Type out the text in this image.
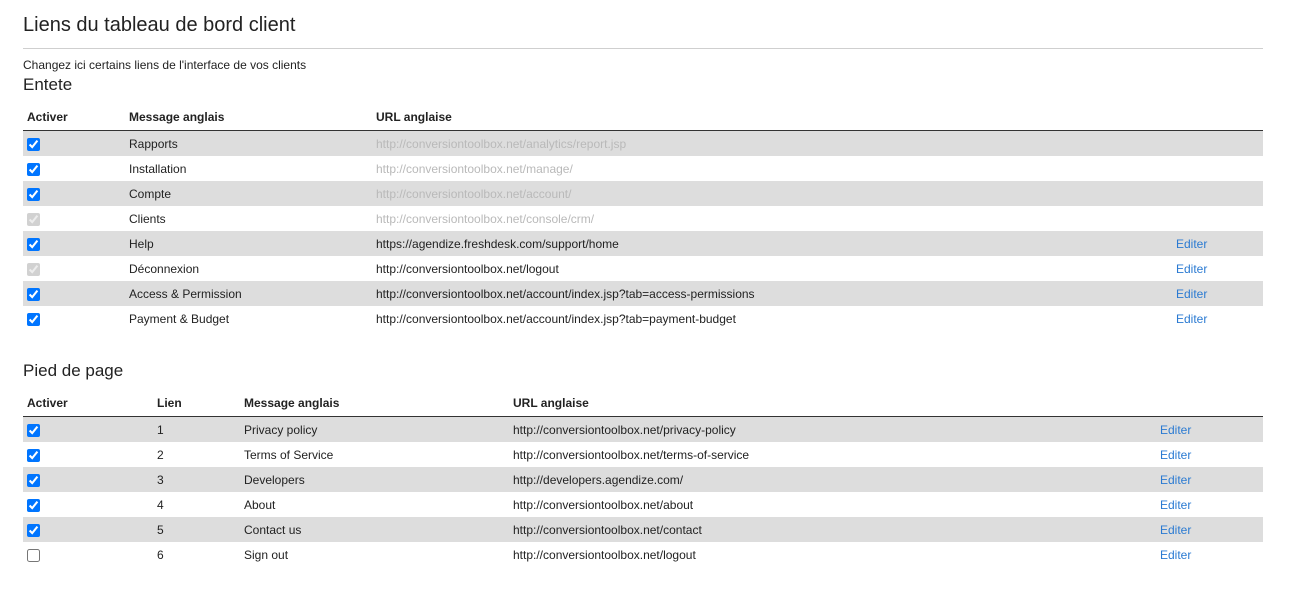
Liens du tableau de bord client
Changez ici certains liens de l'interface de vos clients
Entete
Activer	Message anglais	URL anglaise	
	Rapports	http://conversiontoolbox.net/analytics/report.jsp	
	Installation	http://conversiontoolbox.net/manage/	
	Compte	http://conversiontoolbox.net/account/	
	Clients	http://conversiontoolbox.net/console/crm/	
	Help	https://agendize.freshdesk.com/support/home	Editer
	Déconnexion	http://conversiontoolbox.net/logout	Editer
	Access & Permission	http://conversiontoolbox.net/account/index.jsp?tab=access-permissions	Editer
	Payment & Budget	http://conversiontoolbox.net/account/index.jsp?tab=payment-budget	Editer
Pied de page
Activer	Lien	Message anglais	URL anglaise	
	1	Privacy policy	http://conversiontoolbox.net/privacy-policy	Editer
	2	Terms of Service	http://conversiontoolbox.net/terms-of-service	Editer
	3	Developers	http://developers.agendize.com/	Editer
	4	About	http://conversiontoolbox.net/about	Editer
	5	Contact us	http://conversiontoolbox.net/contact	Editer
	6	Sign out	http://conversiontoolbox.net/logout	Editer
